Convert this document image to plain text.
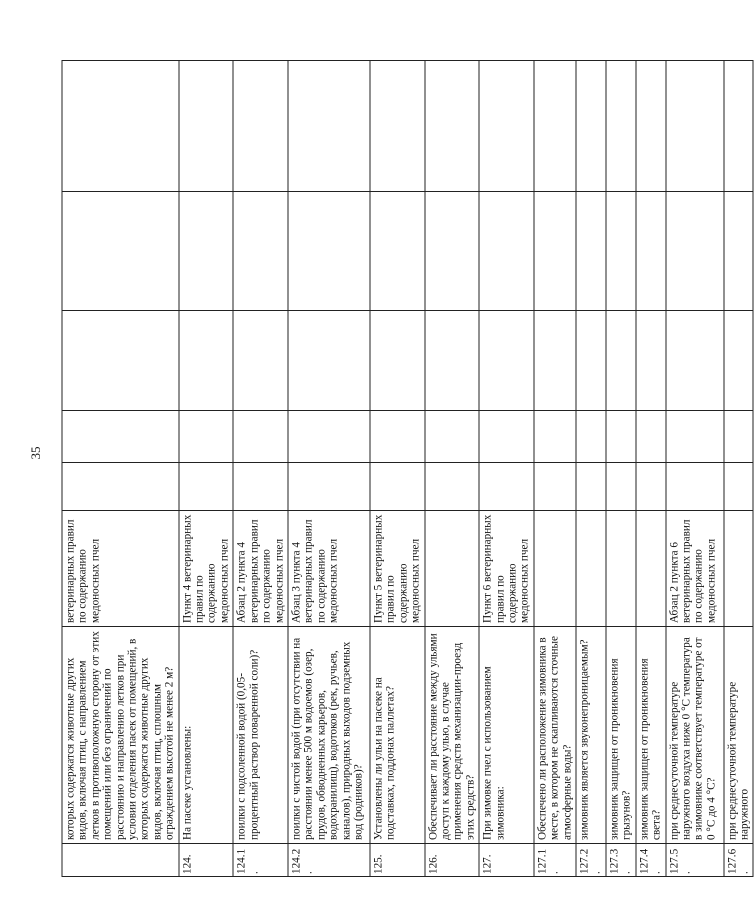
35
	которых содержатся животные других видов, включая птиц, с направлением летков в противоположную сторону от этих помещений или без ограничений по расстоянию и направлению летков при условии отделения пасек от помещений, в которых содержатся животные других видов, включая птиц, сплошным ограждением высотой не менее 2 м?	ветеринарных правил по содержанию медоносных пчел					
124.	На пасеке установлены:	Пункт 4 ветеринарных правил по содержанию медоносных пчел					
124.1.	поилки с подсоленной водой (0,05-процентный раствор поваренной соли)?	Абзац 2 пункта 4 ветеринарных правил по содержанию медоносных пчел					
124.2.	поилки с чистой водой (при отсутствии на расстоянии менее 500 м водоемов (озер, прудов, обводненных карьеров, водохранилищ), водотоков (рек, ручьев, каналов), природных выходов подземных вод (родников)?	Абзац 3 пункта 4 ветеринарных правил по содержанию медоносных пчел					
125.	Установлены ли ульи на пасеке на подставках, поддонах паллетах?	Пункт 5 ветеринарных правил по содержанию медоносных пчел					
126.	Обеспечивает ли расстояние между ульями доступ к каждому улью, в случае применения средств механизации-проезд этих средств?						
127.	При зимовке пчел с использованием зимовника:	Пункт 6 ветеринарных правил по содержанию медоносных пчел					
127.1.	Обеспечено ли расположение зимовника в месте, в котором не скапливаются сточные атмосферные воды?						
127.2.	зимовник является звуконепроницаемым?						
127.3.	зимовник защищен от проникновения грызунов?						
127.4.	зимовник защищен от проникновения света?						
127.5.	при среднесуточной температуре наружного воздуха ниже 0 °С температура в зимовнике соответствует температуре от 0 °С до 4 °С?	Абзац 2 пункта 6 ветеринарных правил по содержанию медоносных пчел					
127.6.	при среднесуточной температуре наружного						
